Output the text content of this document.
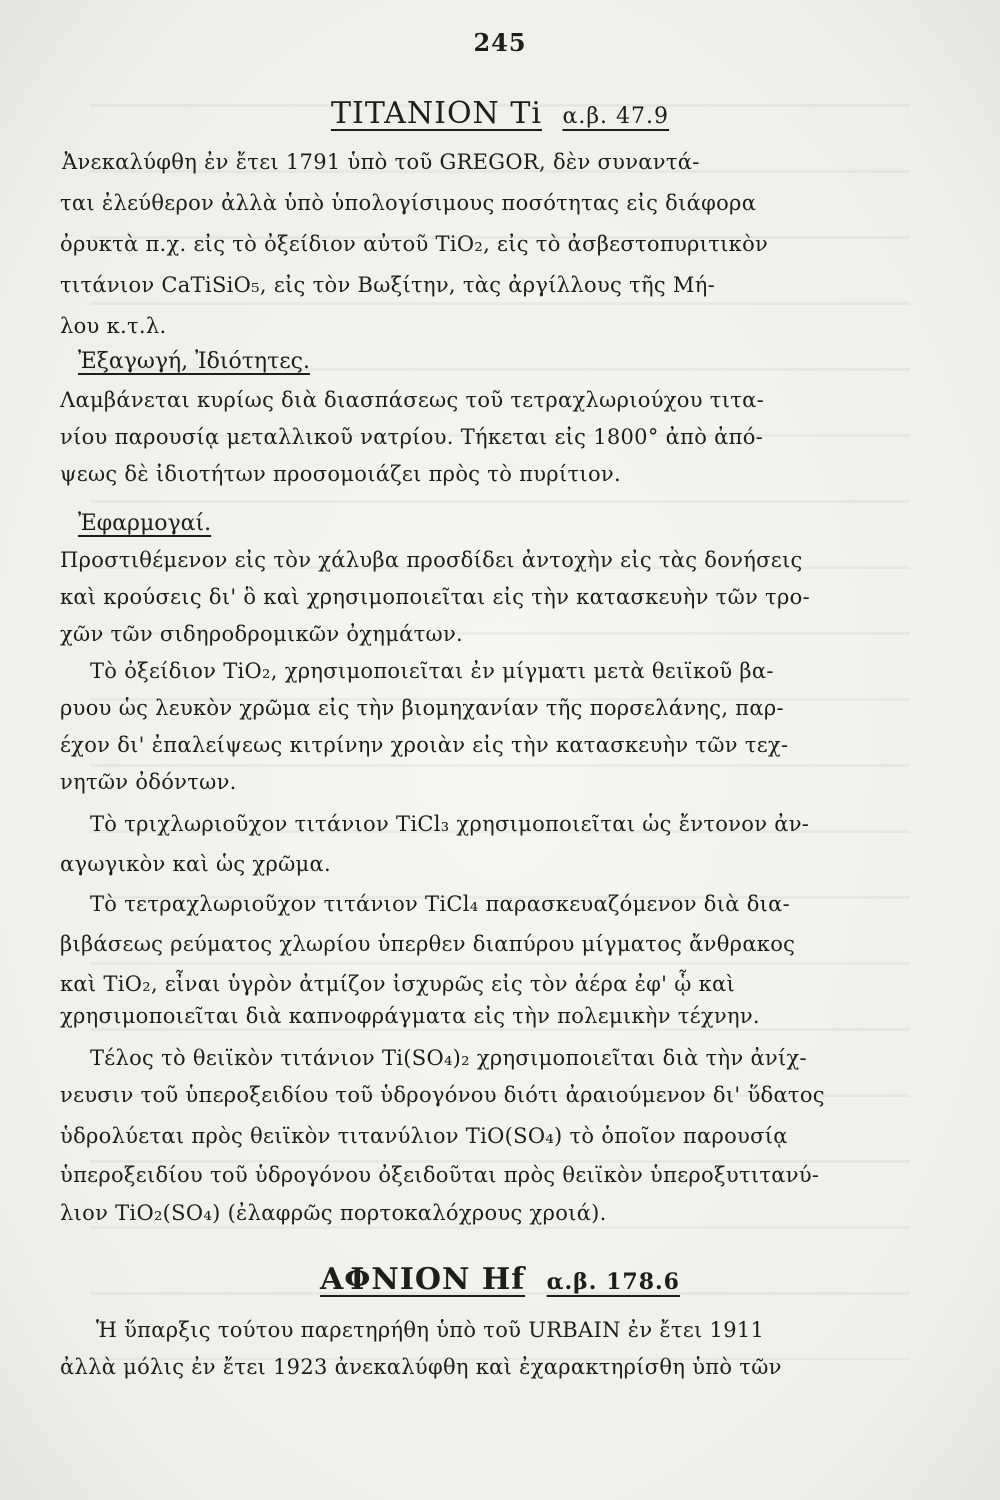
245
TITANION Ti α.β. 47.9
Ἀνεκαλύφθη ἐν ἔτει 1791 ὑπὸ τοῦ GREGOR, δὲν συναντά-
ται ἐλεύθερον ἀλλὰ ὑπὸ ὑπολογίσιμους ποσότητας εἰς διάφορα
ὀρυκτὰ π.χ. εἰς τὸ ὀξείδιον αὐτοῦ TiO₂, εἰς τὸ ἀσβεστοπυριτικὸν
τιτάνιον CaTiSiO₅, εἰς τὸν Βωξίτην, τὰς ἀργίλλους τῆς Μή-
λου κ.τ.λ.
Ἐξαγωγή, Ἰδιότητες.
Λαμβάνεται κυρίως διὰ διασπάσεως τοῦ τετραχλωριούχου τιτα-
νίου παρουσίᾳ μεταλλικοῦ νατρίου. Τήκεται εἰς 1800° ἀπὸ ἀπό-
ψεως δὲ ἰδιοτήτων προσομοιάζει πρὸς τὸ πυρίτιον.
Ἐφαρμογαί.
Προστιθέμενον εἰς τὸν χάλυβα προσδίδει ἀντοχὴν εἰς τὰς δονήσεις
καὶ κρούσεις δι' ὃ καὶ χρησιμοποιεῖται εἰς τὴν κατασκευὴν τῶν τρο-
χῶν τῶν σιδηροδρομικῶν ὀχημάτων.
Τὸ ὀξείδιον TiO₂, χρησιμοποιεῖται ἐν μίγματι μετὰ θειϊκοῦ βα-
ρυου ὡς λευκὸν χρῶμα εἰς τὴν βιομηχανίαν τῆς πορσελάνης, παρ-
έχον δι' ἐπαλείψεως κιτρίνην χροιὰν εἰς τὴν κατασκευὴν τῶν τεχ-
νητῶν ὀδόντων.
Τὸ τριχλωριοῦχον τιτάνιον TiCl₃ χρησιμοποιεῖται ὡς ἔντονον ἀν-
αγωγικὸν καὶ ὡς χρῶμα.
Τὸ τετραχλωριοῦχον τιτάνιον TiCl₄ παρασκευαζόμενον διὰ δια-
βιβάσεως ρεύματος χλωρίου ὑπερθεν διαπύρου μίγματος ἄνθρακος
καὶ TiO₂, εἶναι ὑγρὸν ἀτμίζον ἰσχυρῶς εἰς τὸν ἀέρα ἐφ' ᾧ καὶ
χρησιμοποιεῖται διὰ καπνοφράγματα εἰς τὴν πολεμικὴν τέχνην.
Τέλος τὸ θειϊκὸν τιτάνιον Ti(SO₄)₂ χρησιμοποιεῖται διὰ τὴν ἀνίχ-
νευσιν τοῦ ὑπεροξειδίου τοῦ ὑδρογόνου διότι ἀραιούμενον δι' ὕδατος
ὑδρολύεται πρὸς θειϊκὸν τιτανύλιον TiO(SO₄) τὸ ὁποῖον παρουσίᾳ
ὑπεροξειδίου τοῦ ὑδρογόνου ὀξειδοῦται πρὸς θειϊκὸν ὑπεροξυτιτανύ-
λιον TiO₂(SO₄) (ἐλαφρῶς πορτοκαλόχρους χροιά).
ΑΦΝΙΟΝ Hf α.β. 178.6
Ἡ ὕπαρξις τούτου παρετηρήθη ὑπὸ τοῦ URBAIN ἐν ἔτει 1911
ἀλλὰ μόλις ἐν ἔτει 1923 ἀνεκαλύφθη καὶ ἐχαρακτηρίσθη ὑπὸ τῶν
